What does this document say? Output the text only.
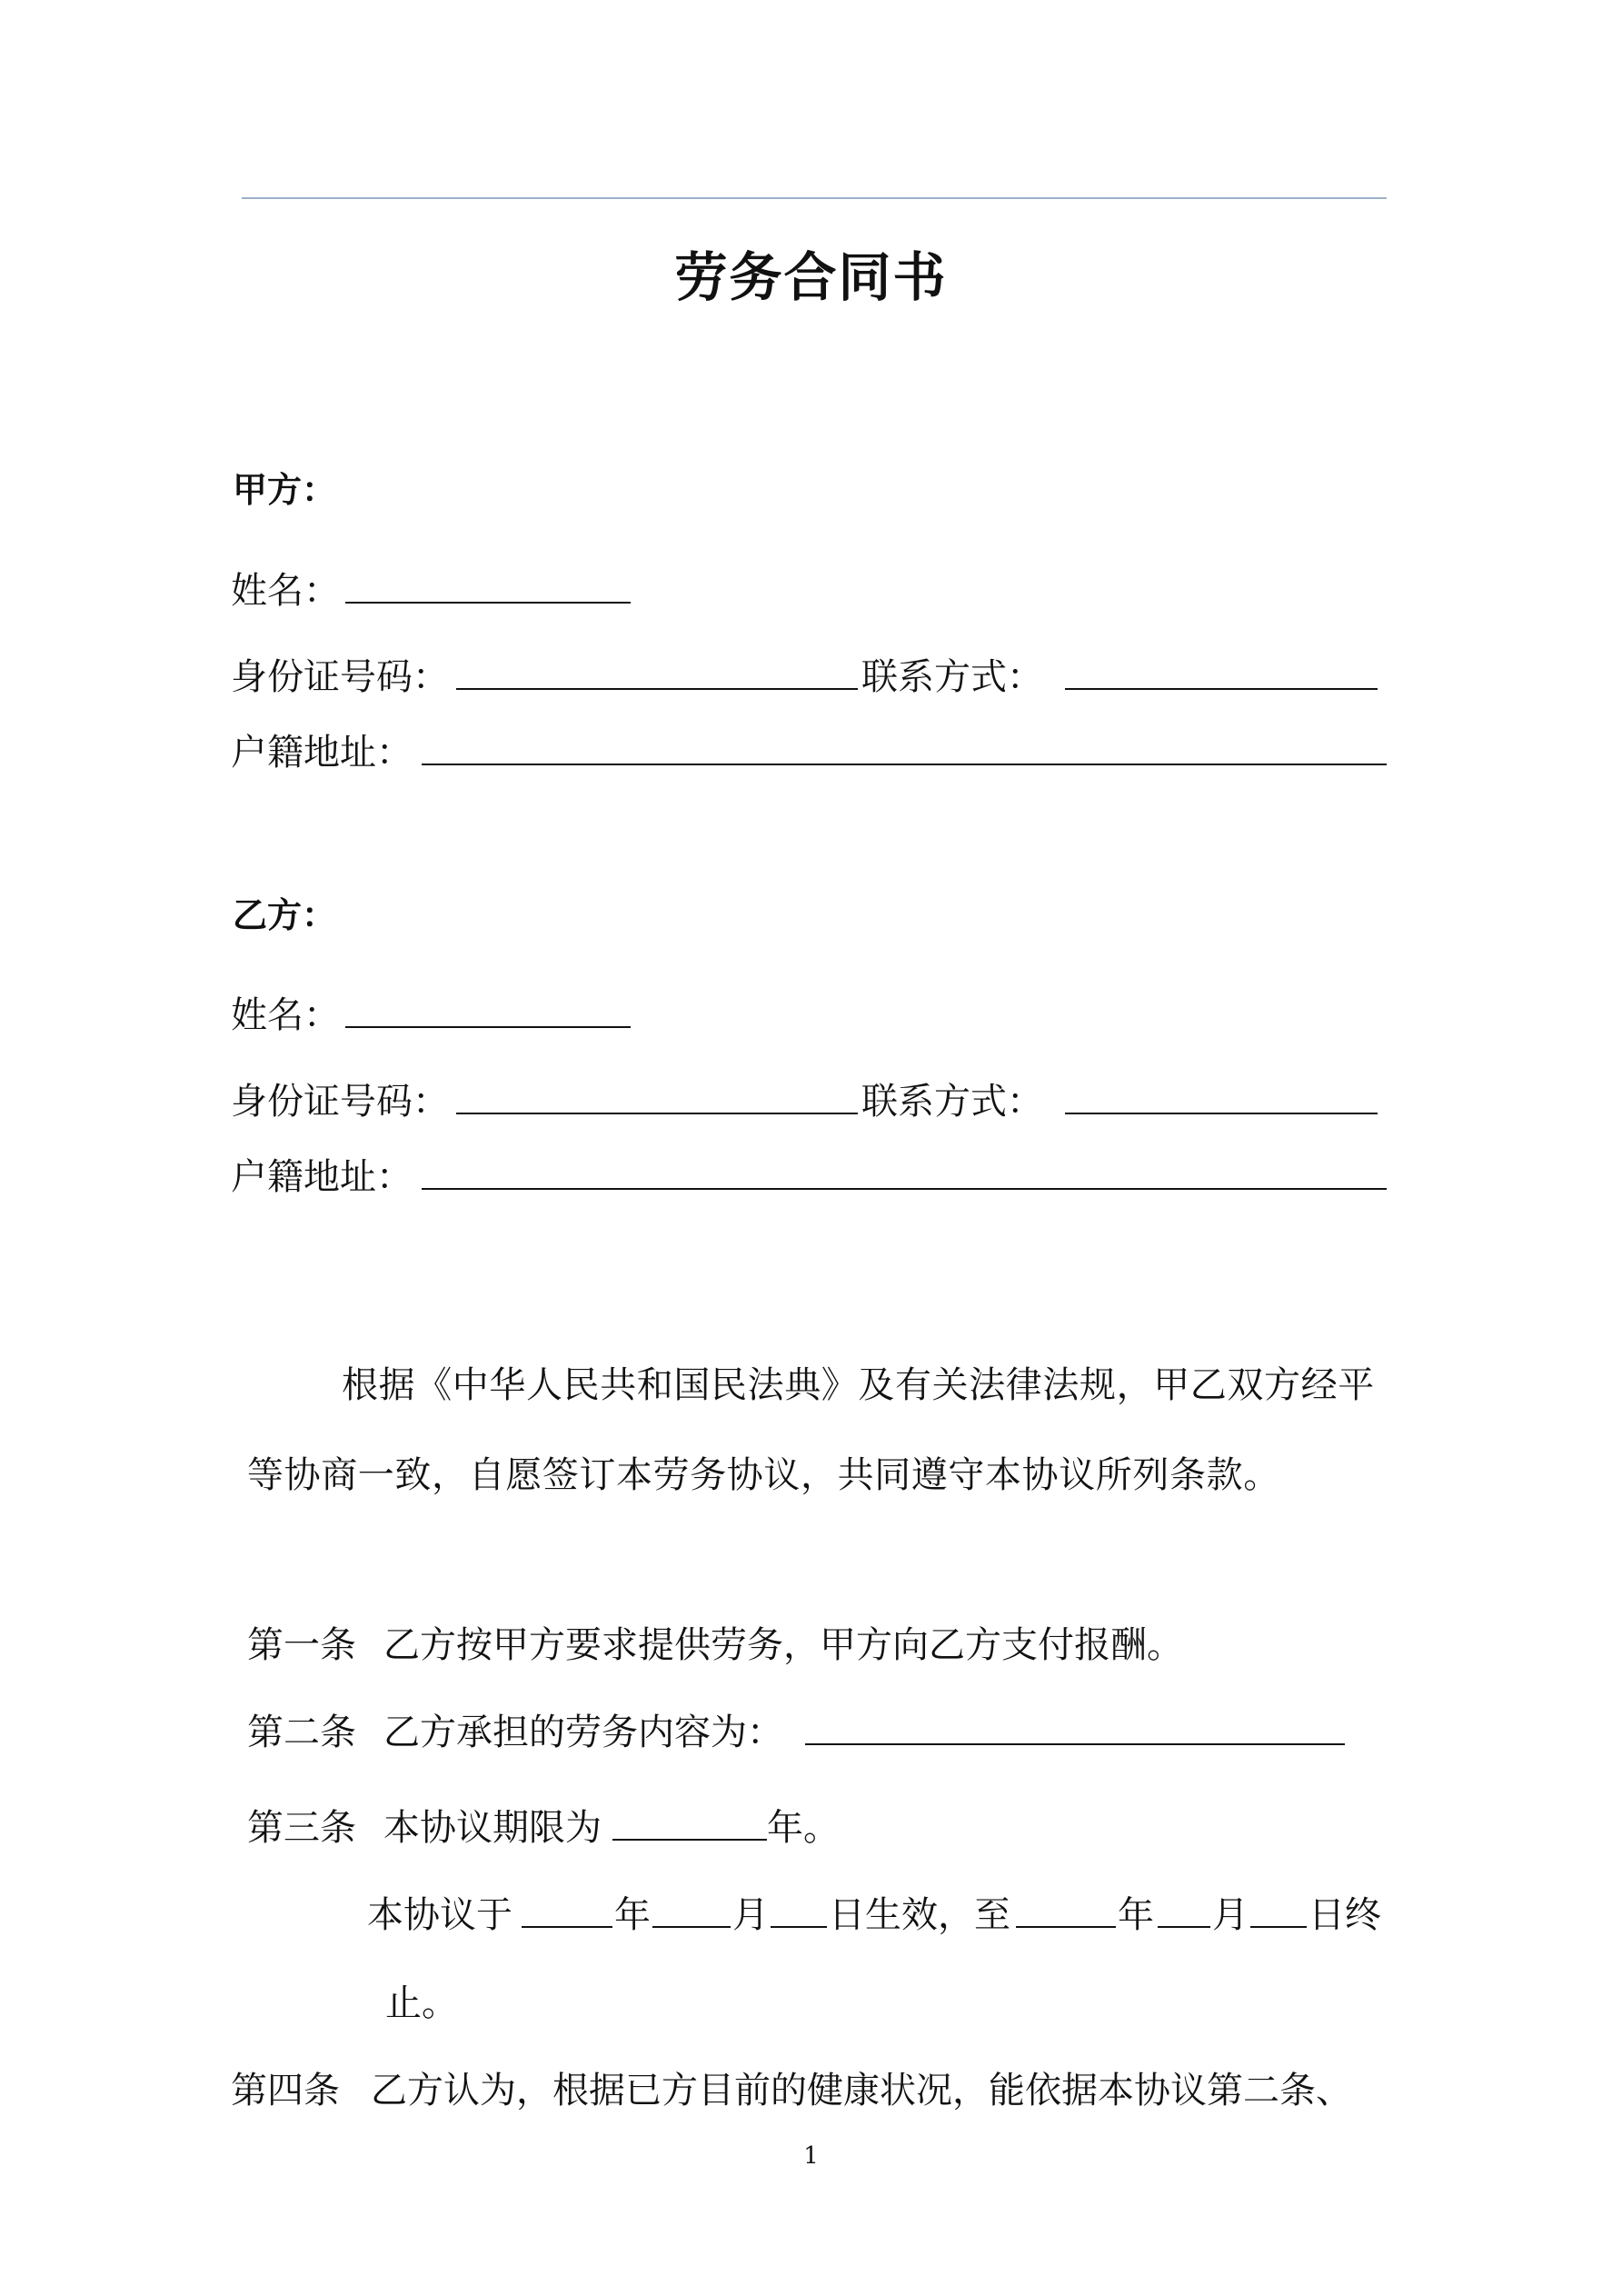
劳务合同书
甲方：
姓名：
身份证号码：	联系方式：
户籍地址：
乙方：
姓名：
身份证号码：	联系方式：
户籍地址：
根据《中华人民共和国民法典》及有关法律法规，甲乙双方经平
等协商一致，自愿签订本劳务协议，共同遵守本协议所列条款。
第一条 乙方按甲方要求提供劳务，甲方向乙方支付报酬。
第二条 乙方承担的劳务内容为：
第三条 本协议期限为	年。
本协议于	年 月 日生效，至	年 月 日终
止。
第四条 乙方认为，根据已方目前的健康状况，能依据本协议第二条、
1
